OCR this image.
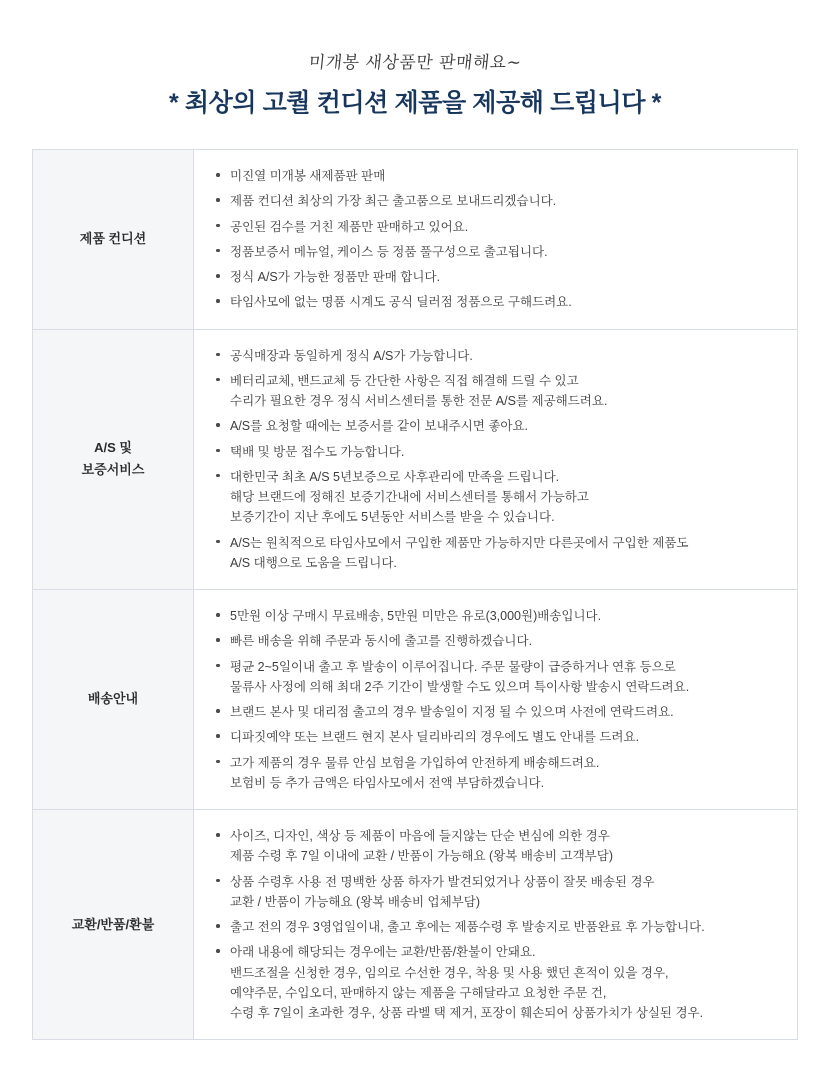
미개봉 새상품만 판매해요~
* 최상의 고퀄 컨디션 제품을 제공해 드립니다 *
제품 컨디션	
미진열 미개봉 새제품판 판매
제품 컨디션 최상의 가장 최근 출고품으로 보내드리겠습니다.
공인된 검수를 거친 제품만 판매하고 있어요.
정품보증서 메뉴얼, 케이스 등 정품 풀구성으로 출고됩니다.
정식 A/S가 가능한 정품만 판매 합니다.
타임사모에 없는 명품 시계도 공식 딜러점 정품으로 구해드려요.

A/S 및
보증서비스	
공식매장과 동일하게 정식 A/S가 가능합니다.
베터리교체, 밴드교체 등 간단한 사항은 직접 해결해 드릴 수 있고
수리가 필요한 경우 정식 서비스센터를 통한 전문 A/S를 제공해드려요.
A/S를 요청할 때에는 보증서를 같이 보내주시면 좋아요.
택배 및 방문 접수도 가능합니다.
대한민국 최초 A/S 5년보증으로 사후관리에 만족을 드립니다.
해당 브랜드에 정해진 보증기간내에 서비스센터를 통해서 가능하고
보증기간이 지난 후에도 5년동안 서비스를 받을 수 있습니다.
A/S는 원칙적으로 타임사모에서 구입한 제품만 가능하지만 다른곳에서 구입한 제품도
A/S 대행으로 도움을 드립니다.

배송안내	
5만원 이상 구매시 무료배송, 5만원 미만은 유로(3,000원)배송입니다.
빠른 배송을 위해 주문과 동시에 출고를 진행하겠습니다.
평균 2~5일이내 출고 후 발송이 이루어집니다. 주문 물량이 급증하거나 연휴 등으로
물류사 사정에 의해 최대 2주 기간이 발생할 수도 있으며 특이사항 발송시 연락드려요.
브랜드 본사 및 대리점 출고의 경우 발송일이 지정 될 수 있으며 사전에 연락드려요.
디파짓예약 또는 브랜드 현지 본사 딜리바리의 경우에도 별도 안내를 드려요.
고가 제품의 경우 물류 안심 보험을 가입하여 안전하게 배송해드려요.
보험비 등 추가 금액은 타임사모에서 전액 부담하겠습니다.

교환/반품/환불	
사이즈, 디자인, 색상 등 제품이 마음에 들지않는 단순 변심에 의한 경우
제품 수령 후 7일 이내에 교환 / 반품이 가능해요 (왕복 배송비 고객부담)
상품 수령후 사용 전 명백한 상품 하자가 발견되었거나 상품이 잘못 배송된 경우
교환 / 반품이 가능해요 (왕복 배송비 업체부담)
출고 전의 경우 3영업일이내, 출고 후에는 제품수령 후 발송지로 반품완료 후 가능합니다.
아래 내용에 해당되는 경우에는 교환/반품/환불이 안돼요.
밴드조절을 신청한 경우, 임의로 수선한 경우, 착용 및 사용 했던 흔적이 있을 경우,
예약주문, 수입오더, 판매하지 않는 제품을 구해달라고 요청한 주문 건,
수령 후 7일이 초과한 경우, 상품 라벨 택 제거, 포장이 훼손되어 상품가치가 상실된 경우.
